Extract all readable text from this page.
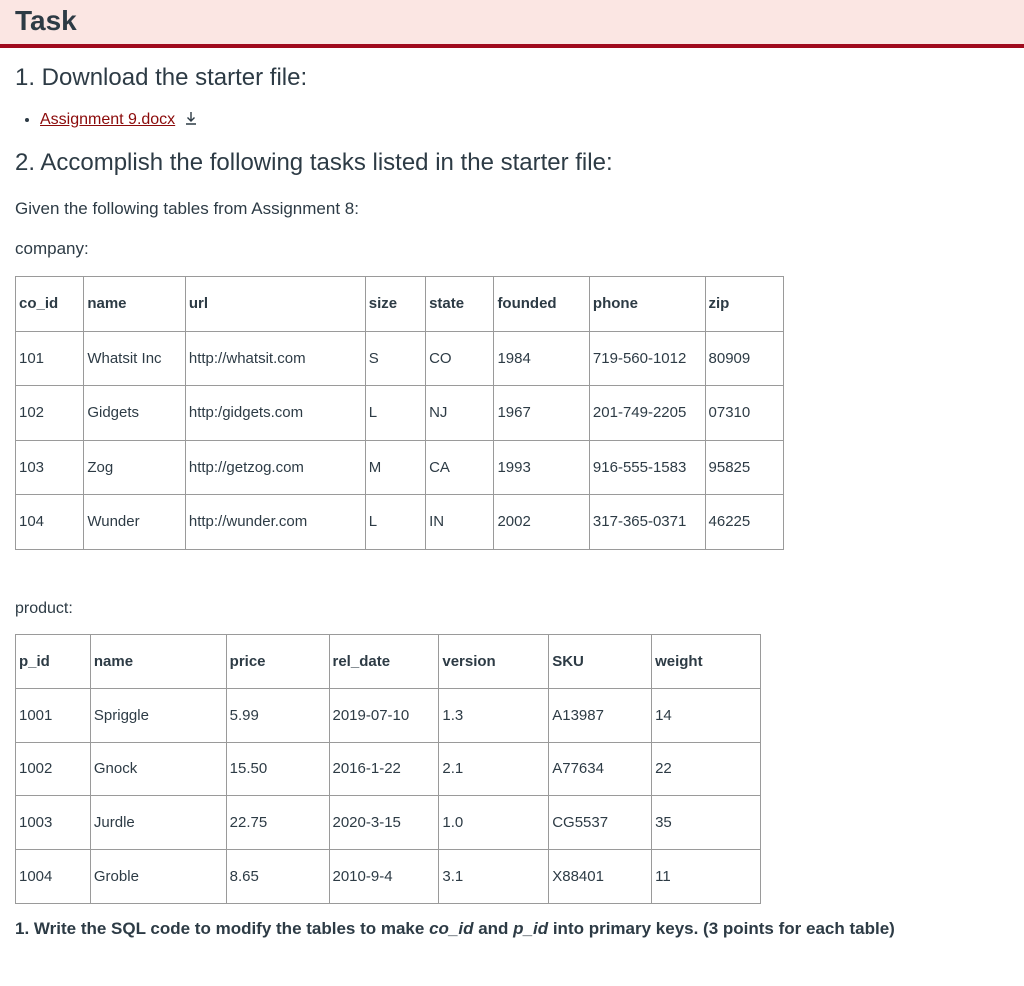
Task
1. Download the starter file:
• Assignment 9.docx
2. Accomplish the following tasks listed in the starter file:

Given the following tables from Assignment 8:

company:

co_id	name	url	size	state	founded	phone	zip
101	Whatsit Inc	http://whatsit.com	S	CO	1984	719-560-1012	80909
102	Gidgets	http:/gidgets.com	L	NJ	1967	201-749-2205	07310
103	Zog	http://getzog.com	M	CA	1993	916-555-1583	95825
104	Wunder	http://wunder.com	L	IN	2002	317-365-0371	46225

product:

p_id	name	price	rel_date	version	SKU	weight
1001	Spriggle	5.99	2019-07-10	1.3	A13987	14
1002	Gnock	15.50	2016-1-22	2.1	A77634	22
1003	Jurdle	22.75	2020-3-15	1.0	CG5537	35
1004	Groble	8.65	2010-9-4	3.1	X88401	11

1. Write the SQL code to modify the tables to make co_id and p_id into primary keys. (3 points for each table)
